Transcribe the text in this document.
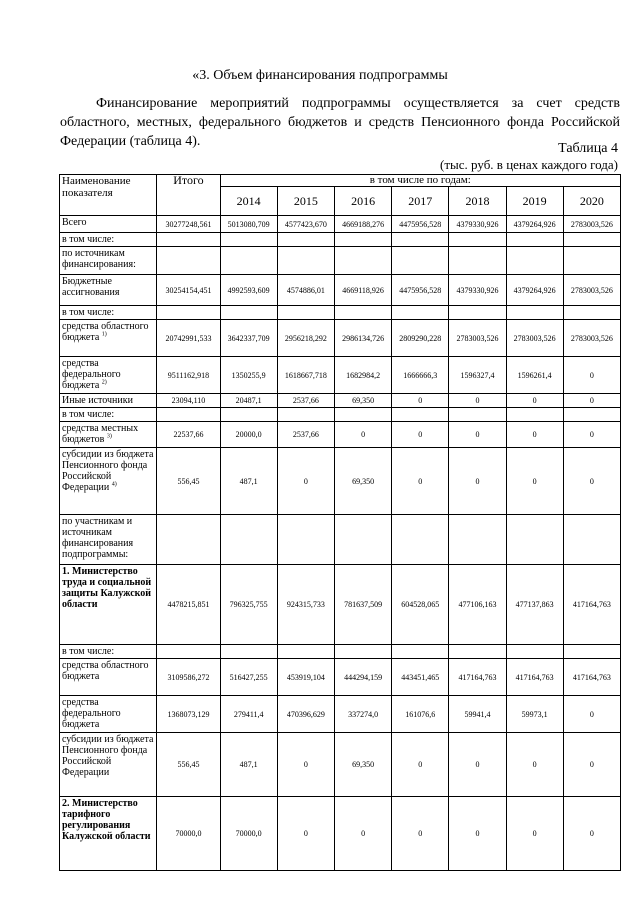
«3. Объем финансирования подпрограммы
Финансирование мероприятий подпрограммы осуществляется за счет средств областного, местных, федерального бюджетов и средств Пенсионного фонда Российской Федерации (таблица 4).	Таблица 4
(тыс. руб. в ценах каждого года)
Наименование показателя	Итого	в том числе по годам:						
		2014	2015	2016	2017	2018	2019	2020
Всего	30277248,561	5013080,709	4577423,670	4669188,276	4475956,528	4379330,926	4379264,926	2783003,526
в том числе:								
по источникам финансирования:								
Бюджетные ассигнования	30254154,451	4992593,609	4574886,01	4669118,926	4475956,528	4379330,926	4379264,926	2783003,526
в том числе:								
средства областного бюджета $^{1)}$	20742991,533	3642337,709	2956218,292	2986134,726	2809290,228	2783003,526	2783003,526	2783003,526
средства федерального бюджета $^{2)}$	9511162,918	1350255,9	1618667,718	1682984,2	1666666,3	1596327,4	1596261,4	0
Иные источники	23094,110	20487,1	2537,66	69,350	0	0	0	0
в том числе:								
средства местных бюджетов $^{3)}$	22537,66	20000,0	2537,66	0	0	0	0	0
субсидии из бюджета Пенсионного фонда Российской Федерации $^{4)}$	556,45	487,1	0	69,350	0	0	0	0
по участникам и источникам финансирования подпрограммы:								
1. Министерство труда и социальной защиты Калужской области	4478215,851	796325,755	924315,733	781637,509	604528,065	477106,163	477137,863	417164,763
в том числе:								
средства областного бюджета	3109586,272	516427,255	453919,104	444294,159	443451,465	417164,763	417164,763	417164,763
средства федерального бюджета	1368073,129	279411,4	470396,629	337274,0	161076,6	59941,4	59973,1	0
субсидии из бюджета Пенсионного фонда Российской Федерации	556,45	487,1	0	69,350	0	0	0	0
2. Министерство тарифного регулирования Калужской области	70000,0	70000,0	0	0	0	0	0	0
